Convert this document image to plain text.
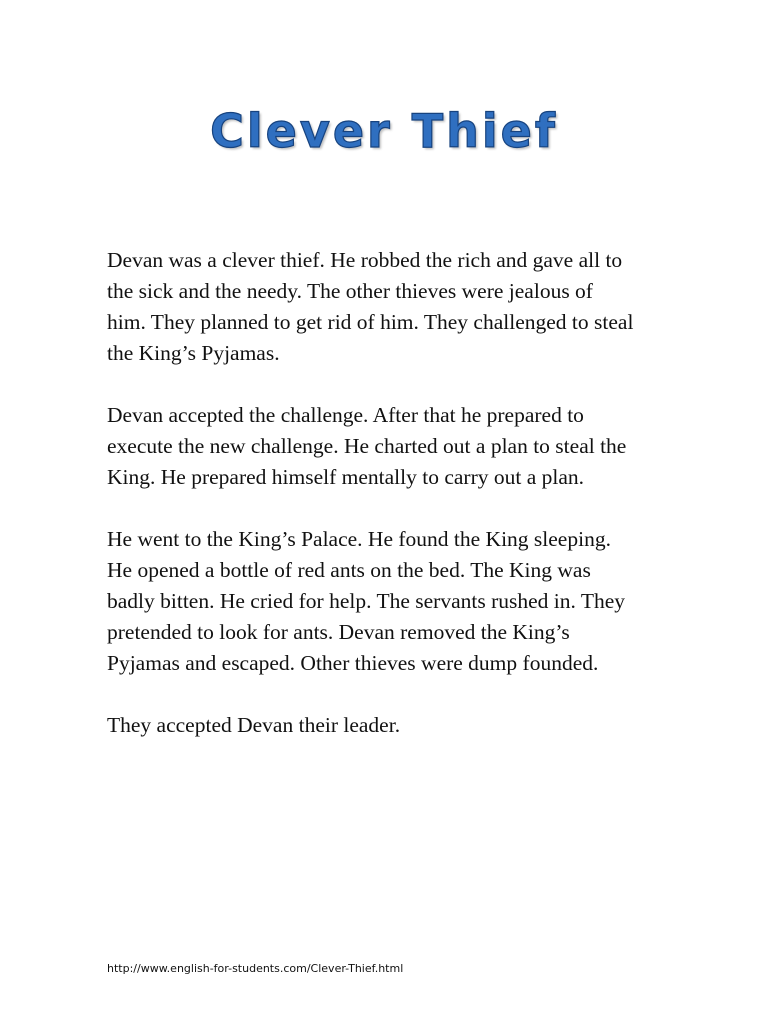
Clever Thief

Devan was a clever thief. He robbed the rich and gave all to
the sick and the needy. The other thieves were jealous of
him. They planned to get rid of him. They challenged to steal
the King’s Pyjamas.

Devan accepted the challenge. After that he prepared to
execute the new challenge. He charted out a plan to steal the
King. He prepared himself mentally to carry out a plan.

He went to the King’s Palace. He found the King sleeping.
He opened a bottle of red ants on the bed. The King was
badly bitten. He cried for help. The servants rushed in. They
pretended to look for ants. Devan removed the King’s
Pyjamas and escaped. Other thieves were dump founded.

They accepted Devan their leader.

http://www.english-for-students.com/Clever-Thief.html
